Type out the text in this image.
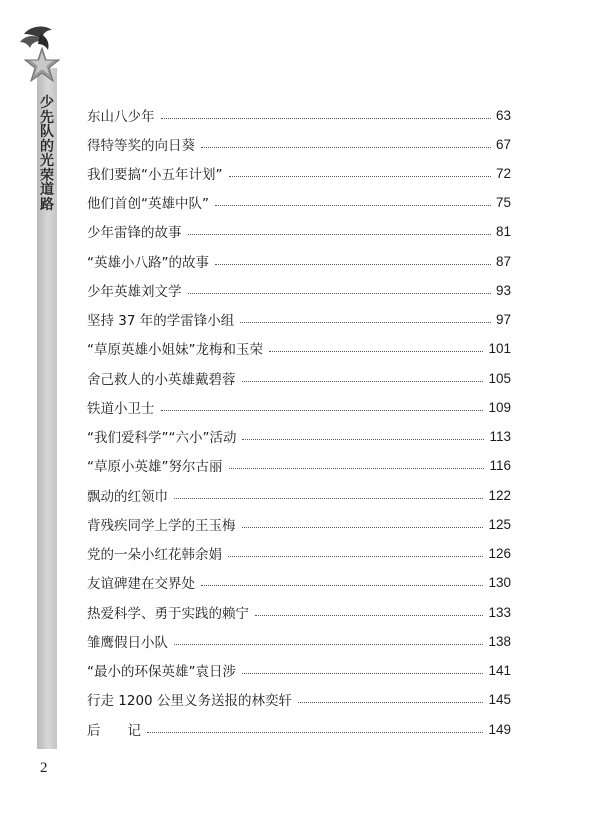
少
先
队
的
光
荣
道
路
东山八少年	63
得特等奖的向日葵	67
我们要搞“小五年计划”	72
他们首创“英雄中队”	75
少年雷锋的故事	81
“英雄小八路”的故事	87
少年英雄刘文学	93
坚持 37 年的学雷锋小组	97
“草原英雄小姐妹”龙梅和玉荣	101
舍己救人的小英雄戴碧蓉	105
铁道小卫士	109
“我们爱科学”“六小”活动	113
“草原小英雄”努尔古丽	116
飘动的红领巾	122
背残疾同学上学的王玉梅	125
党的一朵小红花韩余娟	126
友谊碑建在交界处	130
热爱科学、勇于实践的赖宁	133
雏鹰假日小队	138
“最小的环保英雄”袁日涉	141
行走 1200 公里义务送报的林奕轩	145
后　　记	149
2
